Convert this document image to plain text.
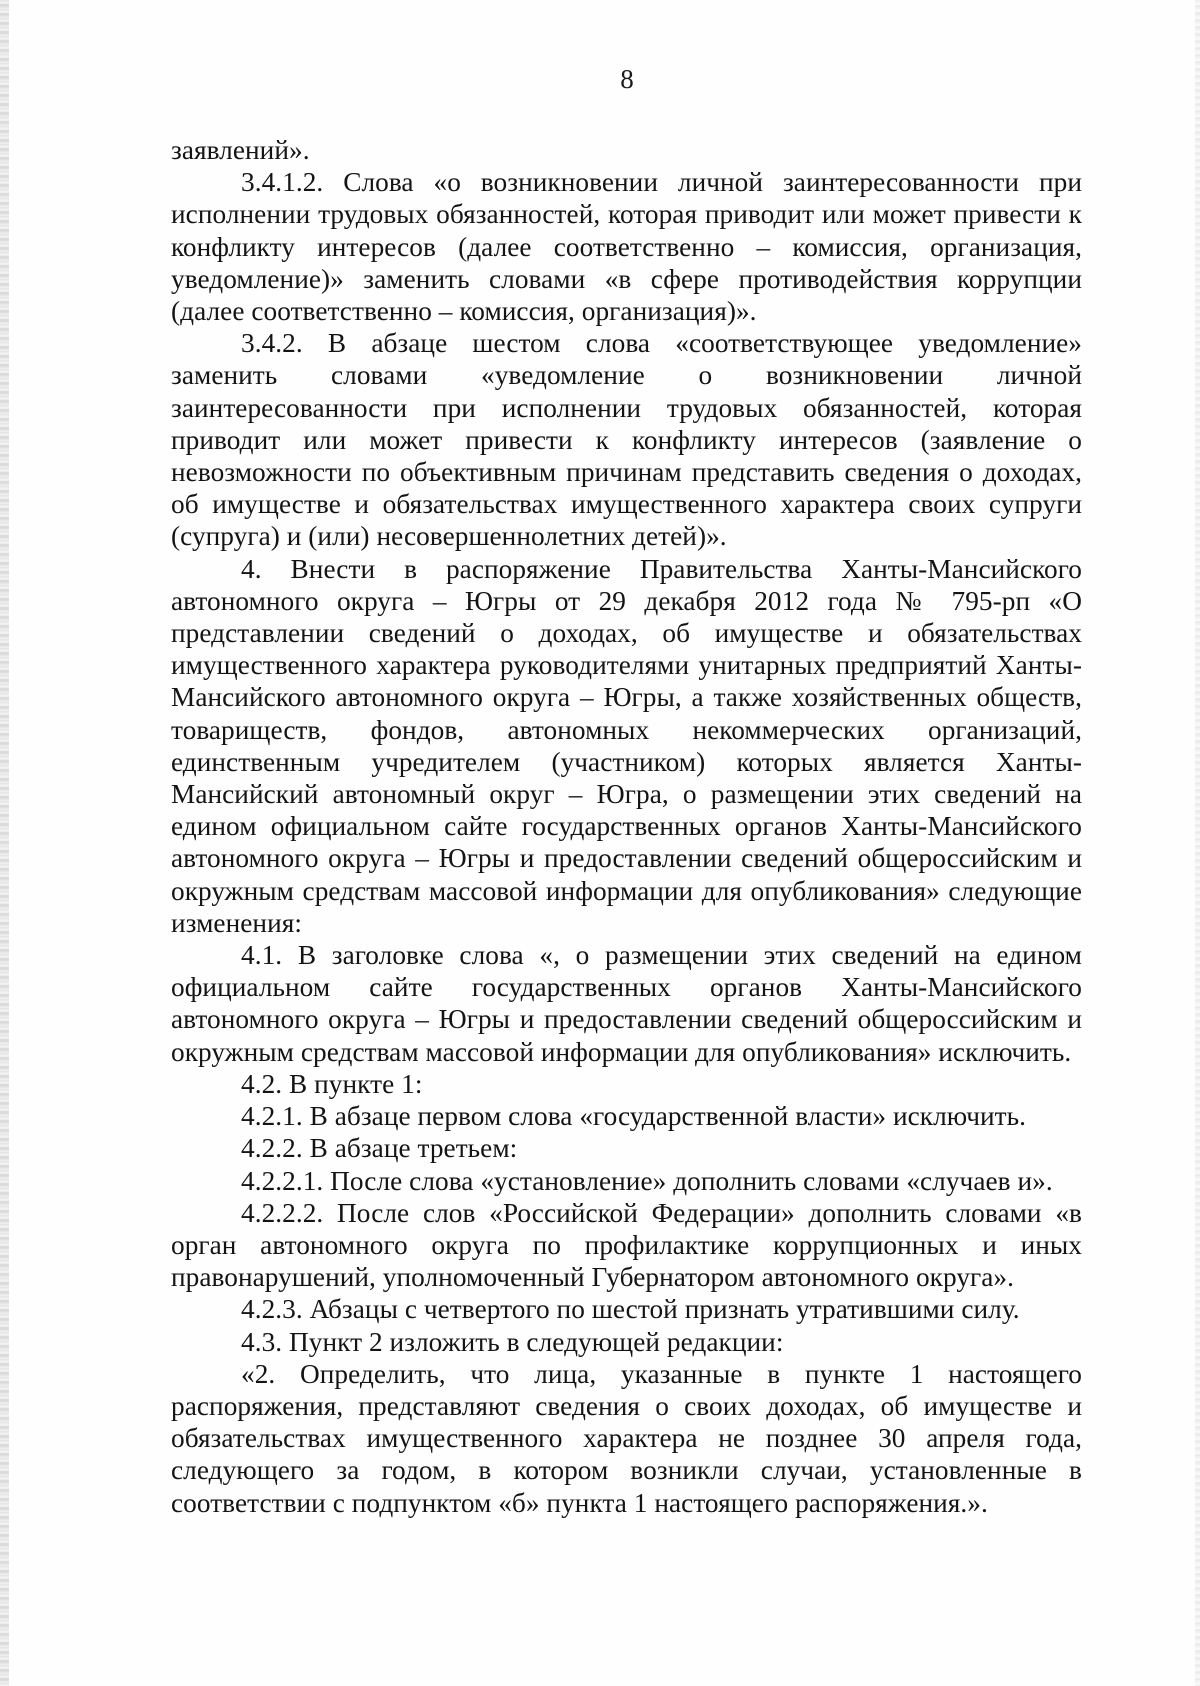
8

заявлений».

3.4.1.2. Слова «о возникновении личной заинтересованности при исполнении трудовых обязанностей, которая приводит или может привести к конфликту интересов (далее соответственно – комиссия, организация, уведомление)» заменить словами «в сфере противодействия коррупции (далее соответственно – комиссия, организация)».

3.4.2. В абзаце шестом слова «соответствующее уведомление» заменить словами «уведомление о возникновении личной заинтересованности при исполнении трудовых обязанностей, которая приводит или может привести к конфликту интересов (заявление о невозможности по объективным причинам представить сведения о доходах, об имуществе и обязательствах имущественного характера своих супруги (супруга) и (или) несовершеннолетних детей)».

4. Внести в распоряжение Правительства Ханты-Мансийского автономного округа – Югры от 29 декабря 2012 года № 795-рп «О представлении сведений о доходах, об имуществе и обязательствах имущественного характера руководителями унитарных предприятий Ханты-Мансийского автономного округа – Югры, а также хозяйственных обществ, товариществ, фондов, автономных некоммерческих организаций, единственным учредителем (участником) которых является Ханты-Мансийский автономный округ – Югра, о размещении этих сведений на едином официальном сайте государственных органов Ханты-Мансийского автономного округа – Югры и предоставлении сведений общероссийским и окружным средствам массовой информации для опубликования» следующие изменения:

4.1. В заголовке слова «, о размещении этих сведений на едином официальном сайте государственных органов Ханты-Мансийского автономного округа – Югры и предоставлении сведений общероссийским и окружным средствам массовой информации для опубликования» исключить.

4.2. В пункте 1:

4.2.1. В абзаце первом слова «государственной власти» исключить.

4.2.2. В абзаце третьем:

4.2.2.1. После слова «установление» дополнить словами «случаев и».

4.2.2.2. После слов «Российской Федерации» дополнить словами «в орган автономного округа по профилактике коррупционных и иных правонарушений, уполномоченный Губернатором автономного округа».

4.2.3. Абзацы с четвертого по шестой признать утратившими силу.

4.3. Пункт 2 изложить в следующей редакции:

«2. Определить, что лица, указанные в пункте 1 настоящего распоряжения, представляют сведения о своих доходах, об имуществе и обязательствах имущественного характера не позднее 30 апреля года, следующего за годом, в котором возникли случаи, установленные в соответствии с подпунктом «б» пункта 1 настоящего распоряжения.».
